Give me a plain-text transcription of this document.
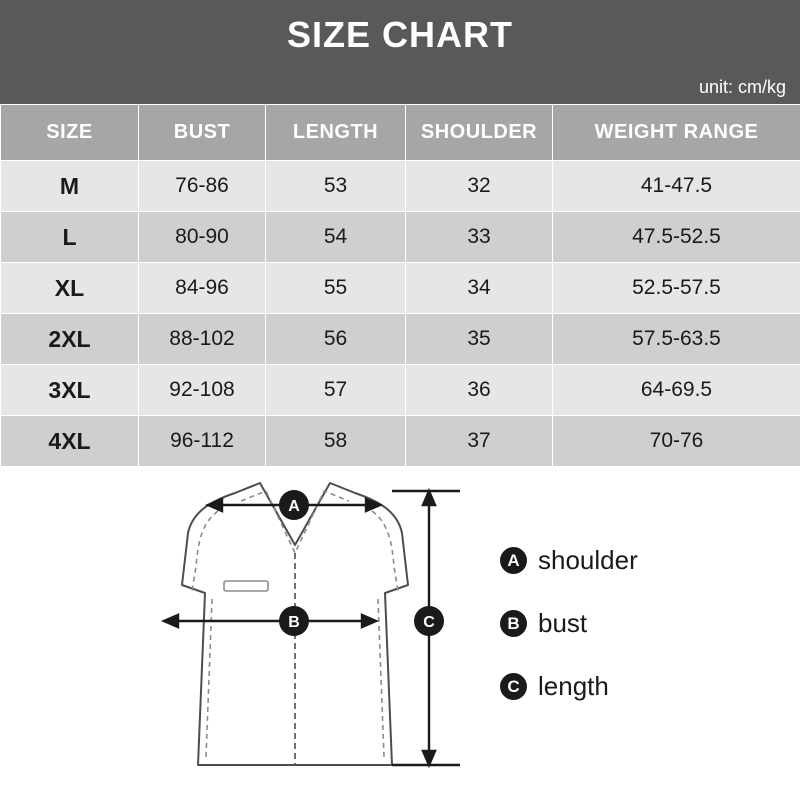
SIZE CHART
unit: cm/kg
SIZE	BUST	LENGTH	SHOULDER	WEIGHT RANGE
M	76-86	53	32	41-47.5
L	80-90	54	33	47.5-52.5
XL	84-96	55	34	52.5-57.5
2XL	88-102	56	35	57.5-63.5
3XL	92-108	57	36	64-69.5
4XL	96-112	58	37	70-76
A
B	C
A shoulder
B bust
C length
